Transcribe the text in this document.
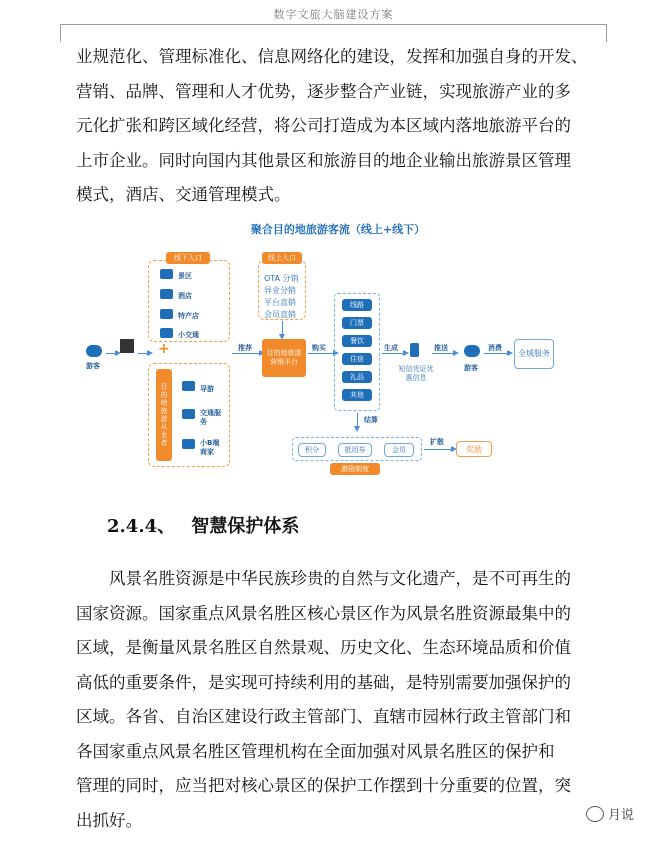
数字文旅大脑建设方案

业规范化、管理标准化、信息网络化的建设，发挥和加强自身的开发、

营销、品牌、管理和人才优势，逐步整合产业链，实现旅游产业的多

元化扩张和跨区域化经营，将公司打造成为本区域内落地旅游平台的

上市企业。同时向国内其他景区和旅游目的地企业输出旅游景区管理

模式，酒店、交通管理模式。

聚合目的地旅游客流（线上+线下）
游客
线下入口
景区
酒店
特产店
小交通
+
目的地旅游从业者	导游
交通服务
小B端商家
推荐
线上入口
OTA 分销
异业分销
平台直销
会员直销
目的地旅游营销平台
购买
线路
门票
餐饮
住宿
礼品
其他
生成
短信凭证优惠信息
推送
游客
消费
全域服务
结算
积分	抵用券	会员
激励制度
扩散
奖励
2.4.4、 智慧保护体系

风景名胜资源是中华民族珍贵的自然与文化遗产，是不可再生的

国家资源。国家重点风景名胜区核心景区作为风景名胜资源最集中的

区域，是衡量风景名胜区自然景观、历史文化、生态环境品质和价值

高低的重要条件，是实现可持续利用的基础，是特别需要加强保护的

区域。各省、自治区建设行政主管部门、直辖市园林行政主管部门和

各国家重点风景名胜区管理机构在全面加强对风景名胜区的保护和

管理的同时，应当把对核心景区的保护工作摆到十分重要的位置，突

出抓好。	月说
